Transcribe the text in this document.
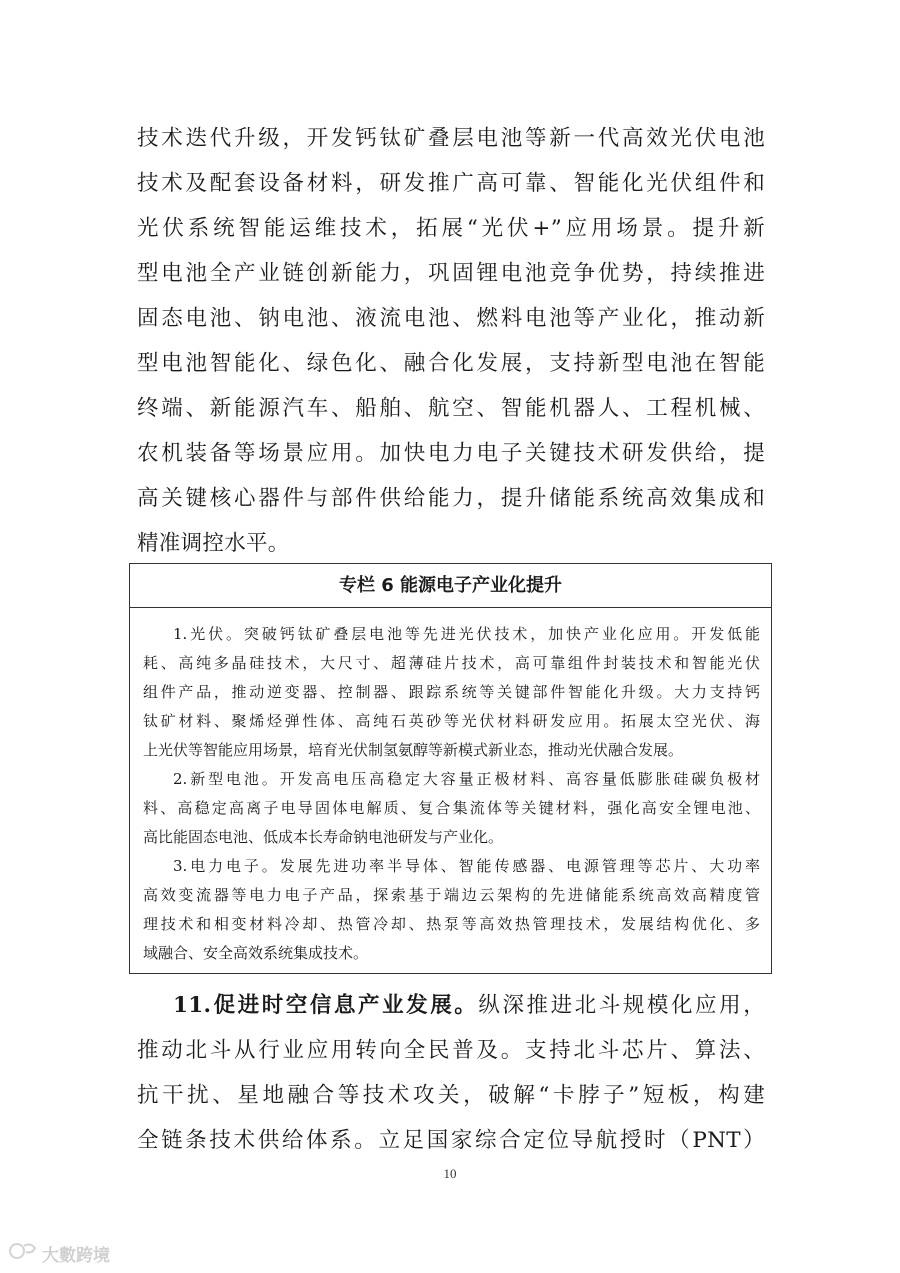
技术迭代升级，开发钙钛矿叠层电池等新一代高效光伏电池
技术及配套设备材料，研发推广高可靠、智能化光伏组件和
光伏系统智能运维技术，拓展“光伏+”应用场景。提升新
型电池全产业链创新能力，巩固锂电池竞争优势，持续推进
固态电池、钠电池、液流电池、燃料电池等产业化，推动新
型电池智能化、绿色化、融合化发展，支持新型电池在智能
终端、新能源汽车、船舶、航空、智能机器人、工程机械、
农机装备等场景应用。加快电力电子关键技术研发供给，提
高关键核心器件与部件供给能力，提升储能系统高效集成和
精准调控水平。
专栏 6 能源电子产业化提升
1.光伏。突破钙钛矿叠层电池等先进光伏技术，加快产业化应用。开发低能
耗、高纯多晶硅技术，大尺寸、超薄硅片技术，高可靠组件封装技术和智能光伏
组件产品，推动逆变器、控制器、跟踪系统等关键部件智能化升级。大力支持钙
钛矿材料、聚烯烃弹性体、高纯石英砂等光伏材料研发应用。拓展太空光伏、海
上光伏等智能应用场景，培育光伏制氢氨醇等新模式新业态，推动光伏融合发展。
2.新型电池。开发高电压高稳定大容量正极材料、高容量低膨胀硅碳负极材
料、高稳定高离子电导固体电解质、复合集流体等关键材料，强化高安全锂电池、
高比能固态电池、低成本长寿命钠电池研发与产业化。
3.电力电子。发展先进功率半导体、智能传感器、电源管理等芯片、大功率
高效变流器等电力电子产品，探索基于端边云架构的先进储能系统高效高精度管
理技术和相变材料冷却、热管冷却、热泵等高效热管理技术，发展结构优化、多
域融合、安全高效系统集成技术。
11.促进时空信息产业发展。纵深推进北斗规模化应用，
推动北斗从行业应用转向全民普及。支持北斗芯片、算法、
抗干扰、星地融合等技术攻关，破解“卡脖子”短板，构建
全链条技术供给体系。立足国家综合定位导航授时（PNT）
10
大數跨境
